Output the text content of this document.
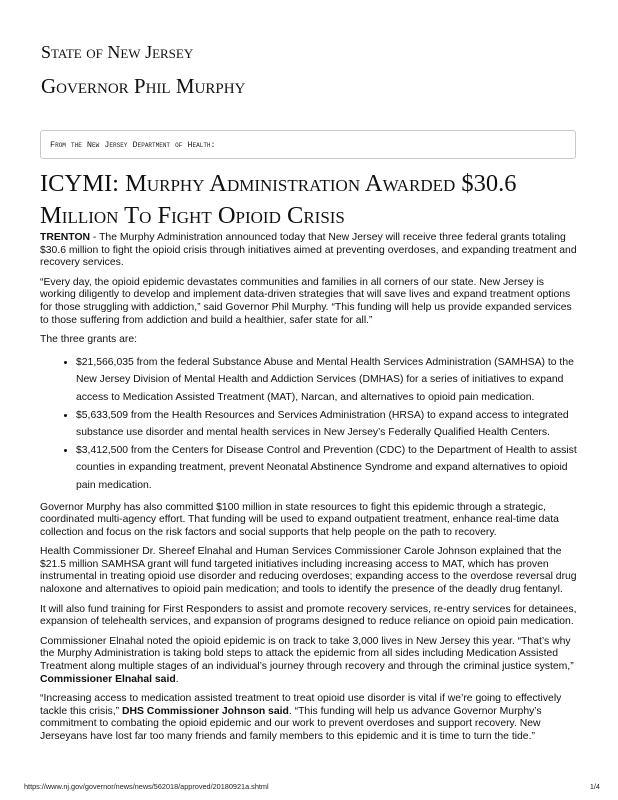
State of New Jersey
Governor Phil Murphy
From the New Jersey Department of Health:
ICYMI: Murphy Administration Awarded $30.6 Million To Fight Opioid Crisis

TRENTON - The Murphy Administration announced today that New Jersey will receive three federal grants totaling $30.6 million to fight the opioid crisis through initiatives aimed at preventing overdoses, and expanding treatment and recovery services.

“Every day, the opioid epidemic devastates communities and families in all corners of our state. New Jersey is working diligently to develop and implement data-driven strategies that will save lives and expand treatment options for those struggling with addiction,” said Governor Phil Murphy. “This funding will help us provide expanded services to those suffering from addiction and build a healthier, safer state for all.”

The three grants are:

• $21,566,035 from the federal Substance Abuse and Mental Health Services Administration (SAMHSA) to the New Jersey Division of Mental Health and Addiction Services (DMHAS) for a series of initiatives to expand access to Medication Assisted Treatment (MAT), Narcan, and alternatives to opioid pain medication.
• $5,633,509 from the Health Resources and Services Administration (HRSA) to expand access to integrated substance use disorder and mental health services in New Jersey’s Federally Qualified Health Centers.
• $3,412,500 from the Centers for Disease Control and Prevention (CDC) to the Department of Health to assist counties in expanding treatment, prevent Neonatal Abstinence Syndrome and expand alternatives to opioid pain medication.

Governor Murphy has also committed $100 million in state resources to fight this epidemic through a strategic, coordinated multi-agency effort. That funding will be used to expand outpatient treatment, enhance real-time data collection and focus on the risk factors and social supports that help people on the path to recovery.

Health Commissioner Dr. Shereef Elnahal and Human Services Commissioner Carole Johnson explained that the $21.5 million SAMHSA grant will fund targeted initiatives including increasing access to MAT, which has proven instrumental in treating opioid use disorder and reducing overdoses; expanding access to the overdose reversal drug naloxone and alternatives to opioid pain medication; and tools to identify the presence of the deadly drug fentanyl.

It will also fund training for First Responders to assist and promote recovery services, re-entry services for detainees, expansion of telehealth services, and expansion of programs designed to reduce reliance on opioid pain medication.

Commissioner Elnahal noted the opioid epidemic is on track to take 3,000 lives in New Jersey this year. “That’s why the Murphy Administration is taking bold steps to attack the epidemic from all sides including Medication Assisted Treatment along multiple stages of an individual’s journey through recovery and through the criminal justice system,” Commissioner Elnahal said.

“Increasing access to medication assisted treatment to treat opioid use disorder is vital if we’re going to effectively tackle this crisis,” DHS Commissioner Johnson said. “This funding will help us advance Governor Murphy’s commitment to combating the opioid epidemic and our work to prevent overdoses and support recovery. New Jerseyans have lost far too many friends and family members to this epidemic and it is time to turn the tide.”

https://www.nj.gov/governor/news/news/562018/approved/20180921a.shtml	1/4
